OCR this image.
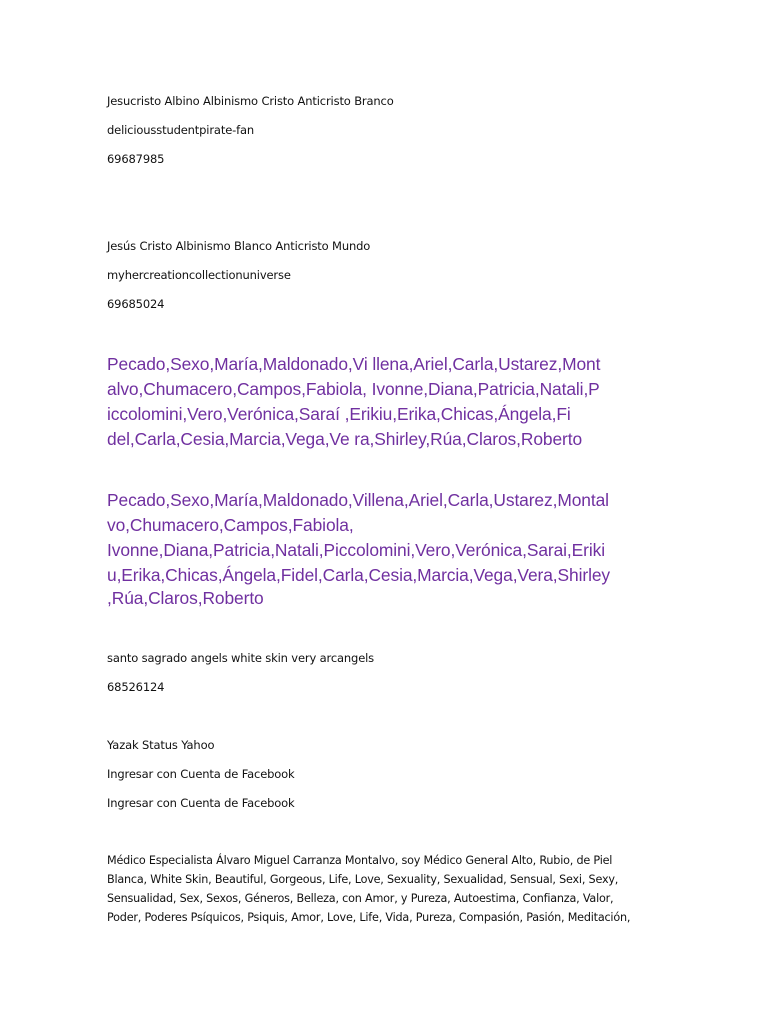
Jesucristo Albino Albinismo Cristo Anticristo Branco

deliciousstudentpirate-fan

69687985

Jesús Cristo Albinismo Blanco Anticristo Mundo

myhercreationcollectionuniverse

69685024

Pecado,Sexo,María,Maldonado,Vi llena,Ariel,Carla,Ustarez,Mont

alvo,Chumacero,Campos,Fabiola, Ivonne,Diana,Patricia,Natali,P

iccolomini,Vero,Verónica,Saraí ,Erikiu,Erika,Chicas,Ángela,Fi

del,Carla,Cesia,Marcia,Vega,Ve ra,Shirley,Rúa,Claros,Roberto

Pecado,Sexo,María,Maldonado,Villena,Ariel,Carla,Ustarez,Montal

vo,Chumacero,Campos,Fabiola,

Ivonne,Diana,Patricia,Natali,Piccolomini,Vero,Verónica,Sarai,Eriki

u,Erika,Chicas,Ángela,Fidel,Carla,Cesia,Marcia,Vega,Vera,Shirley

,Rúa,Claros,Roberto

santo sagrado angels white skin very arcangels

68526124

Yazak Status Yahoo

Ingresar con Cuenta de Facebook

Ingresar con Cuenta de Facebook

Médico Especialista Álvaro Miguel Carranza Montalvo, soy Médico General Alto, Rubio, de Piel

Blanca, White Skin, Beautiful, Gorgeous, Life, Love, Sexuality, Sexualidad, Sensual, Sexi, Sexy,

Sensualidad, Sex, Sexos, Géneros, Belleza, con Amor, y Pureza, Autoestima, Confianza, Valor,

Poder, Poderes Psíquicos, Psiquis, Amor, Love, Life, Vida, Pureza, Compasión, Pasión, Meditación,
